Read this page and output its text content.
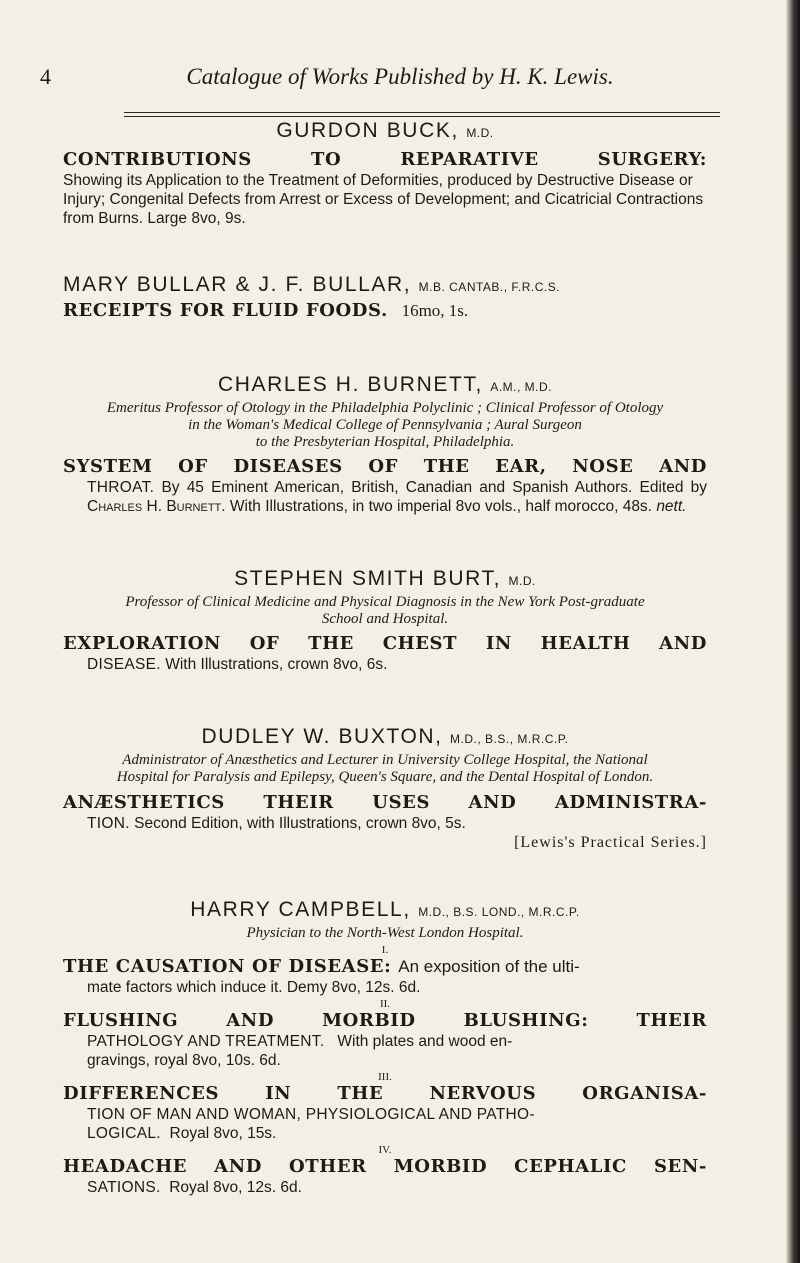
4	Catalogue of Works Published by H. K. Lewis.

GURDON BUCK, M.D.

CONTRIBUTIONS TO REPARATIVE SURGERY:

Showing its Application to the Treatment of Deformities, produced by Destructive Disease or Injury; Congenital Defects from Arrest or Excess of Development; and Cicatricial Contractions from Burns. Large 8vo, 9s.

MARY BULLAR & J. F. BULLAR, M.B. CANTAB., F.R.C.S.

RECEIPTS FOR FLUID FOODS. 16mo, 1s.

CHARLES H. BURNETT, A.M., M.D.

Emeritus Professor of Otology in the Philadelphia Polyclinic ; Clinical Professor of Otology

in the Woman's Medical College of Pennsylvania ; Aural Surgeon

to the Presbyterian Hospital, Philadelphia.

SYSTEM OF DISEASES OF THE EAR, NOSE AND

THROAT. By 45 Eminent American, British, Canadian and Spanish Authors. Edited by Charles H. Burnett. With Illustrations, in two imperial 8vo vols., half morocco, 48s. nett.

STEPHEN SMITH BURT, M.D.

Professor of Clinical Medicine and Physical Diagnosis in the New York Post-graduate

School and Hospital.

EXPLORATION OF THE CHEST IN HEALTH AND

DISEASE. With Illustrations, crown 8vo, 6s.

DUDLEY W. BUXTON, M.D., B.S., M.R.C.P.

Administrator of Anæsthetics and Lecturer in University College Hospital, the National

Hospital for Paralysis and Epilepsy, Queen's Square, and the Dental Hospital of London.

ANÆSTHETICS THEIR USES AND ADMINISTRA-

TION. Second Edition, with Illustrations, crown 8vo, 5s.

[Lewis's Practical Series.]

HARRY CAMPBELL, M.D., B.S. LOND., M.R.C.P.

Physician to the North-West London Hospital.

I.

THE CAUSATION OF DISEASE: An exposition of the ulti-

mate factors which induce it. Demy 8vo, 12s. 6d.

II.

FLUSHING AND MORBID BLUSHING: THEIR

PATHOLOGY AND TREATMENT. With plates and wood en-

gravings, royal 8vo, 10s. 6d.

III.

DIFFERENCES IN THE NERVOUS ORGANISA-

TION OF MAN AND WOMAN, PHYSIOLOGICAL AND PATHO-

LOGICAL. Royal 8vo, 15s.

IV.

HEADACHE AND OTHER MORBID CEPHALIC SEN-

SATIONS. Royal 8vo, 12s. 6d.
